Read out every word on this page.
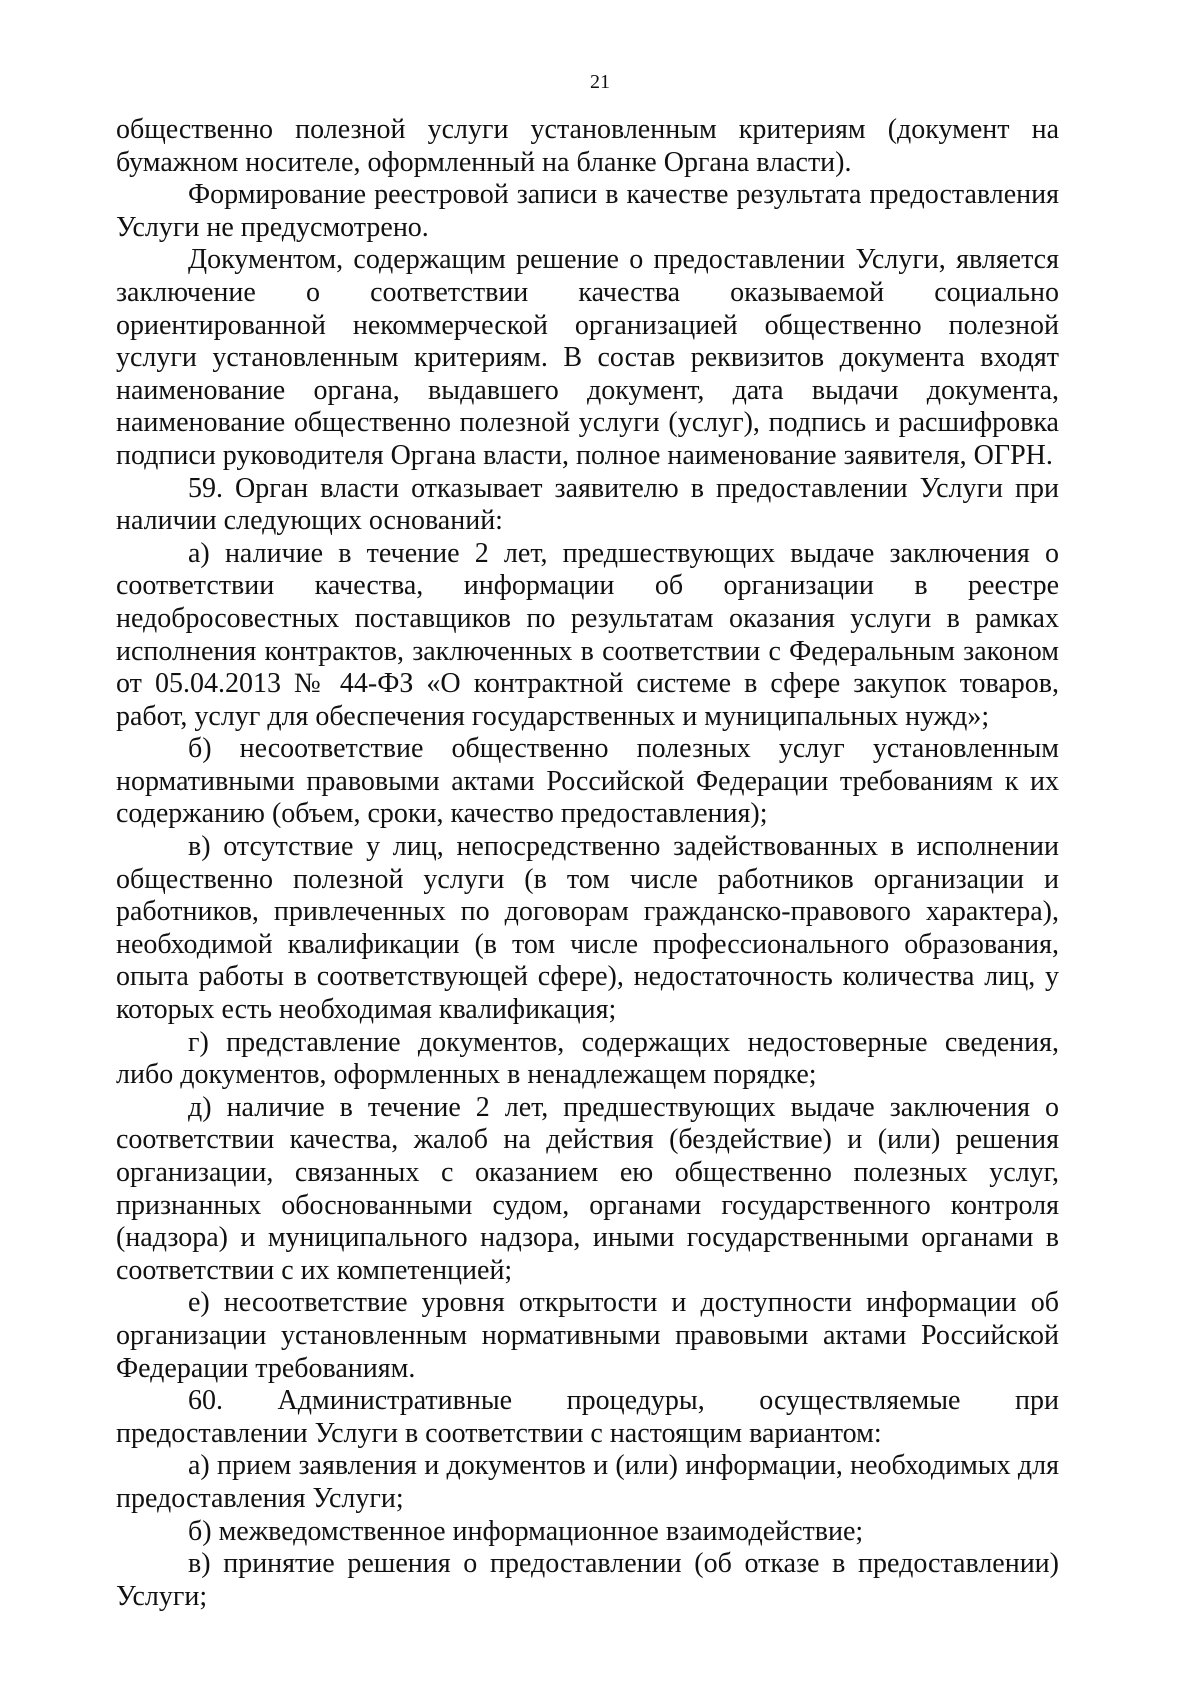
21

общественно полезной услуги установленным критериям (документ на бумажном носителе, оформленный на бланке Органа власти).

Формирование реестровой записи в качестве результата предоставления Услуги не предусмотрено.

Документом, содержащим решение о предоставлении Услуги, является заключение о соответствии качества оказываемой социально ориентированной некоммерческой организацией общественно полезной услуги установленным критериям. В состав реквизитов документа входят наименование органа, выдавшего документ, дата выдачи документа, наименование общественно полезной услуги (услуг), подпись и расшифровка подписи руководителя Органа власти, полное наименование заявителя, ОГРН.

59. Орган власти отказывает заявителю в предоставлении Услуги при наличии следующих оснований:

а) наличие в течение 2 лет, предшествующих выдаче заключения о соответствии качества, информации об организации в реестре недобросовестных поставщиков по результатам оказания услуги в рамках исполнения контрактов, заключенных в соответствии с Федеральным законом от 05.04.2013 № 44-ФЗ «О контрактной системе в сфере закупок товаров, работ, услуг для обеспечения государственных и муниципальных нужд»;

б) несоответствие общественно полезных услуг установленным нормативными правовыми актами Российской Федерации требованиям к их содержанию (объем, сроки, качество предоставления);

в) отсутствие у лиц, непосредственно задействованных в исполнении общественно полезной услуги (в том числе работников организации и работников, привлеченных по договорам гражданско-правового характера), необходимой квалификации (в том числе профессионального образования, опыта работы в соответствующей сфере), недостаточность количества лиц, у которых есть необходимая квалификация;

г) представление документов, содержащих недостоверные сведения, либо документов, оформленных в ненадлежащем порядке;

д) наличие в течение 2 лет, предшествующих выдаче заключения о соответствии качества, жалоб на действия (бездействие) и (или) решения организации, связанных с оказанием ею общественно полезных услуг, признанных обоснованными судом, органами государственного контроля (надзора) и муниципального надзора, иными государственными органами в соответствии с их компетенцией;

е) несоответствие уровня открытости и доступности информации об организации установленным нормативными правовыми актами Российской Федерации требованиям.

60. Административные процедуры, осуществляемые при предоставлении Услуги в соответствии с настоящим вариантом:

а) прием заявления и документов и (или) информации, необходимых для предоставления Услуги;

б) межведомственное информационное взаимодействие;

в) принятие решения о предоставлении (об отказе в предоставлении) Услуги;
